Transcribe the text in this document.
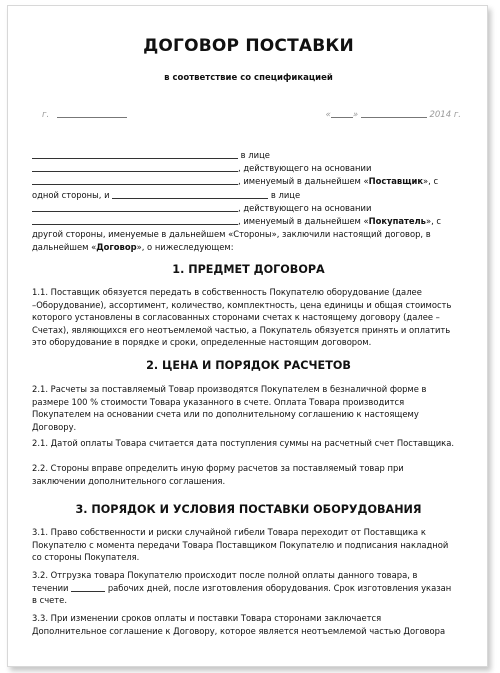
ДОГОВОР ПОСТАВКИ
в соответствие со спецификацией
г.	«	»	2014 г.
в лице
, действующего на основании
, именуемый в дальнейшем «Поставщик», с
одной стороны, и	в лице
, действующего на основании
, именуемый в дальнейшем «Покупатель», с
другой стороны, именуемые в дальнейшем «Стороны», заключили настоящий договор, в
дальнейшем «Договор», о нижеследующем:
1. ПРЕДМЕТ ДОГОВОРА
1.1. Поставщик обязуется передать в собственность Покупателю оборудование (далее
–Оборудование), ассортимент, количество, комплектность, цена единицы и общая стоимость
которого установлены в согласованных сторонами счетах к настоящему договору (далее –
Счетах), являющихся его неотъемлемой частью, а Покупатель обязуется принять и оплатить
это оборудование в порядке и сроки, определенные настоящим договором.
2. ЦЕНА И ПОРЯДОК РАСЧЕТОВ
2.1. Расчеты за поставляемый Товар производятся Покупателем в безналичной форме в
размере 100 % стоимости Товара указанного в счете. Оплата Товара производится
Покупателем на основании счета или по дополнительному соглашению к настоящему
Договору.
2.1. Датой оплаты Товара считается дата поступления суммы на расчетный счет Поставщика.
2.2. Стороны вправе определить иную форму расчетов за поставляемый товар при
заключении дополнительного соглашения.
3. ПОРЯДОК И УСЛОВИЯ ПОСТАВКИ ОБОРУДОВАНИЯ
3.1. Право собственности и риски случайной гибели Товара переходит от Поставщика к
Покупателю с момента передачи Товара Поставщиком Покупателю и подписания накладной
со стороны Покупателя.
3.2. Отгрузка товара Покупателю происходит после полной оплаты данного товара, в
течении	рабочих дней, после изготовления оборудования. Срок изготовления указан
в счете.
3.3. При изменении сроков оплаты и поставки Товара сторонами заключается
Дополнительное соглашение к Договору, которое является неотъемлемой частью Договора
